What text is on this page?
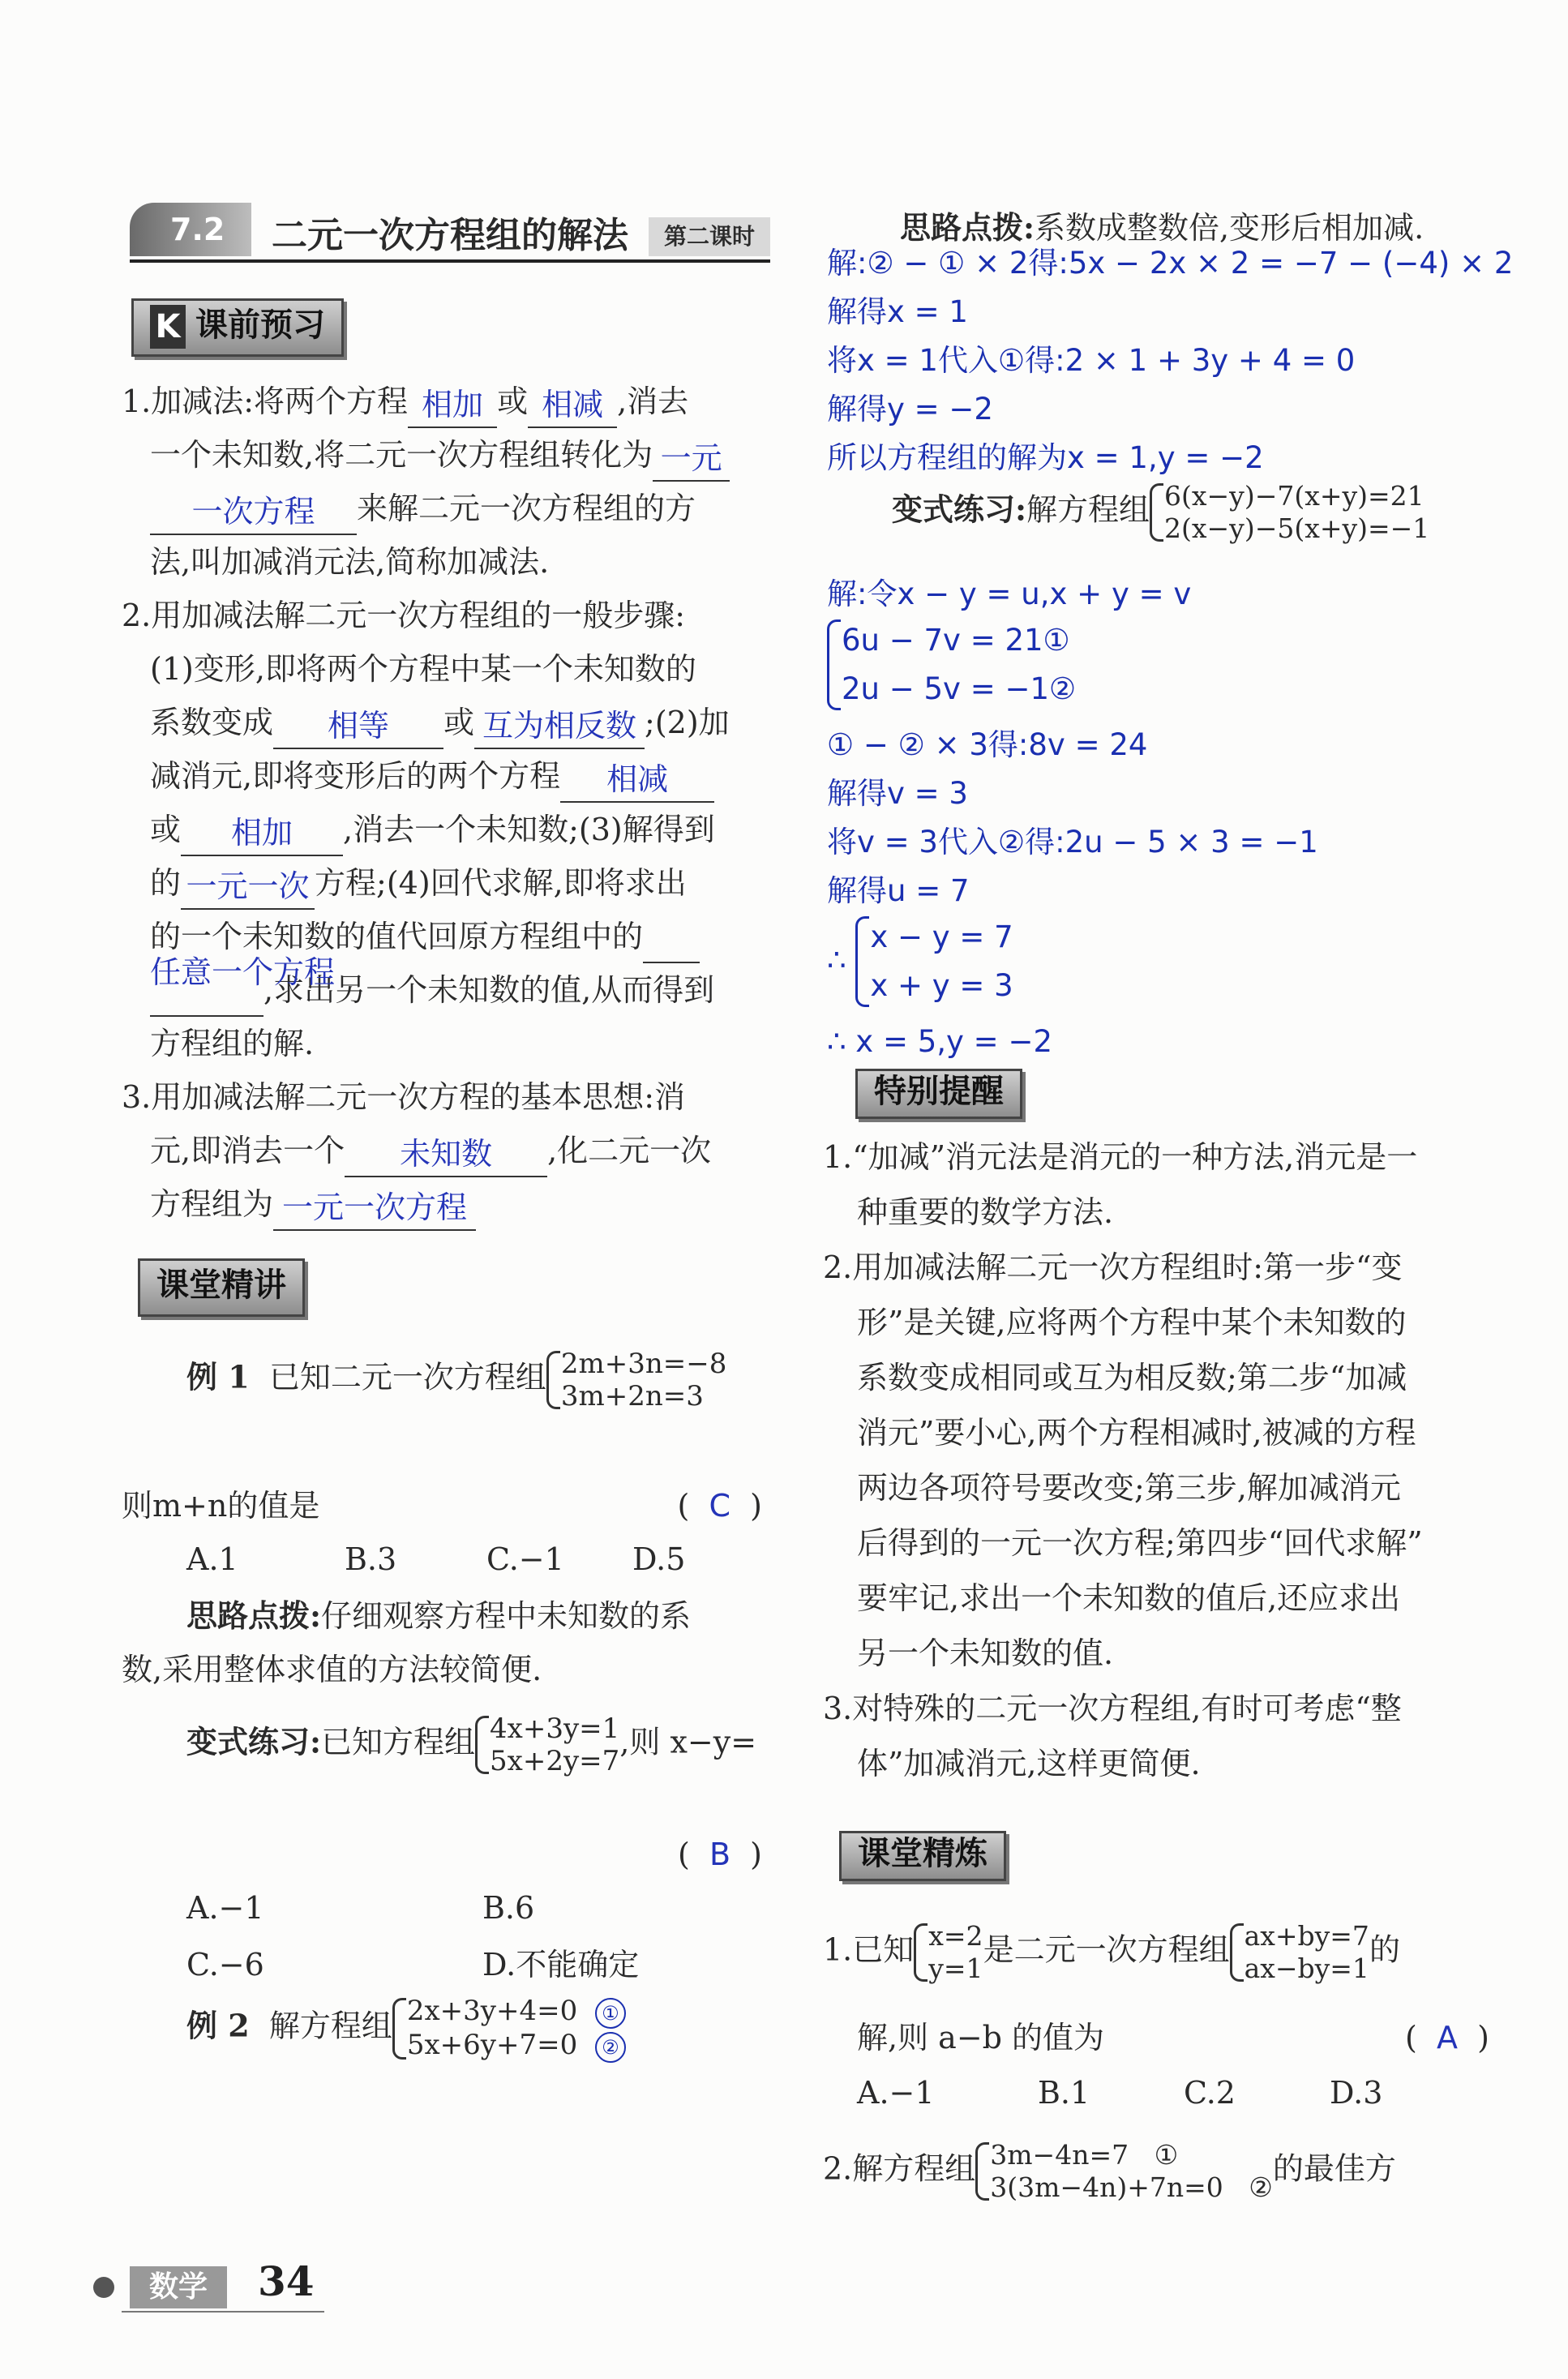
7.2	二元一次方程组的解法	第二课时
K 课前预习
1.加减法:将两个方程 相加 或 相减 ,消去
一个未知数,将二元一次方程组转化为 一元
一次方程	来解二元一次方程组的方
法,叫加减消元法,简称加减法.
2.用加减法解二元一次方程组的一般步骤:
(1)变形,即将两个方程中某一个未知数的
系数变成	相等	或 互为相反数 ;(2)加
减消元,即将变形后的两个方程	相减
或	相加	,消去一个未知数;(3)解得到
的 一元一次 方程;(4)回代求解,即将求出
的一个未知数的值代回原方程组中的
任意一个方程
,求出另一个未知数的值,从而得到
方程组的解.
3.用加减法解二元一次方程的基本思想:消
元,即消去一个	未知数	,化二元一次
方程组为 一元一次方程
课堂精讲
例 1 已知二元一次方程组 2m+3n=−8
3m+2n=3
则m+n的值是	(  C  )
A.1	B.3	C.−1 D.5
思路点拨:仔细观察方程中未知数的系
数,采用整体求值的方法较简便.
变式练习:已知方程组 4x+3y=1
5x+2y=7
,则 x−y=
(  B  )
A.−1	B.6
C.−6	D.不能确定
例 2 解方程组 2x+3y+4=0 ①
5x+6y+7=0 ②
数学	34
思路点拨:系数成整数倍,变形后相加减.
解:② − ① × 2得:5x − 2x × 2 = −7 − (−4) × 2
解得x = 1
将x = 1代入①得:2 × 1 + 3y + 4 = 0
解得y = −2
所以方程组的解为x = 1,y = −2
变式练习:解方程组 6(x−y)−7(x+y)=21
2(x−y)−5(x+y)=−1
解:令x − y = u,x + y = v
6u − 7v = 21①
2u − 5v = −1②
① − ② × 3得:8v = 24
解得v = 3
将v = 3代入②得:2u − 5 × 3 = −1
解得u = 7
∴
x − y = 7
x + y = 3
∴ x = 5,y = −2
特别提醒
1.“加减”消元法是消元的一种方法,消元是一
种重要的数学方法.
2.用加减法解二元一次方程组时:第一步“变
形”是关键,应将两个方程中某个未知数的
系数变成相同或互为相反数;第二步“加减
消元”要小心,两个方程相减时,被减的方程
两边各项符号要改变;第三步,解加减消元
后得到的一元一次方程;第四步“回代求解”
要牢记,求出一个未知数的值后,还应求出
另一个未知数的值.
3.对特殊的二元一次方程组,有时可考虑“整
体”加减消元,这样更简便.
课堂精炼
1.已知 x=2
y=1
是二元一次方程组 ax+by=7
ax−by=1
的
解,则 a−b 的值为	(  A  )
A.−1	B.1	C.2	D.3
2.解方程组 3m−4n=7 ①
3(3m−4n)+7n=0 ②
的最佳方
